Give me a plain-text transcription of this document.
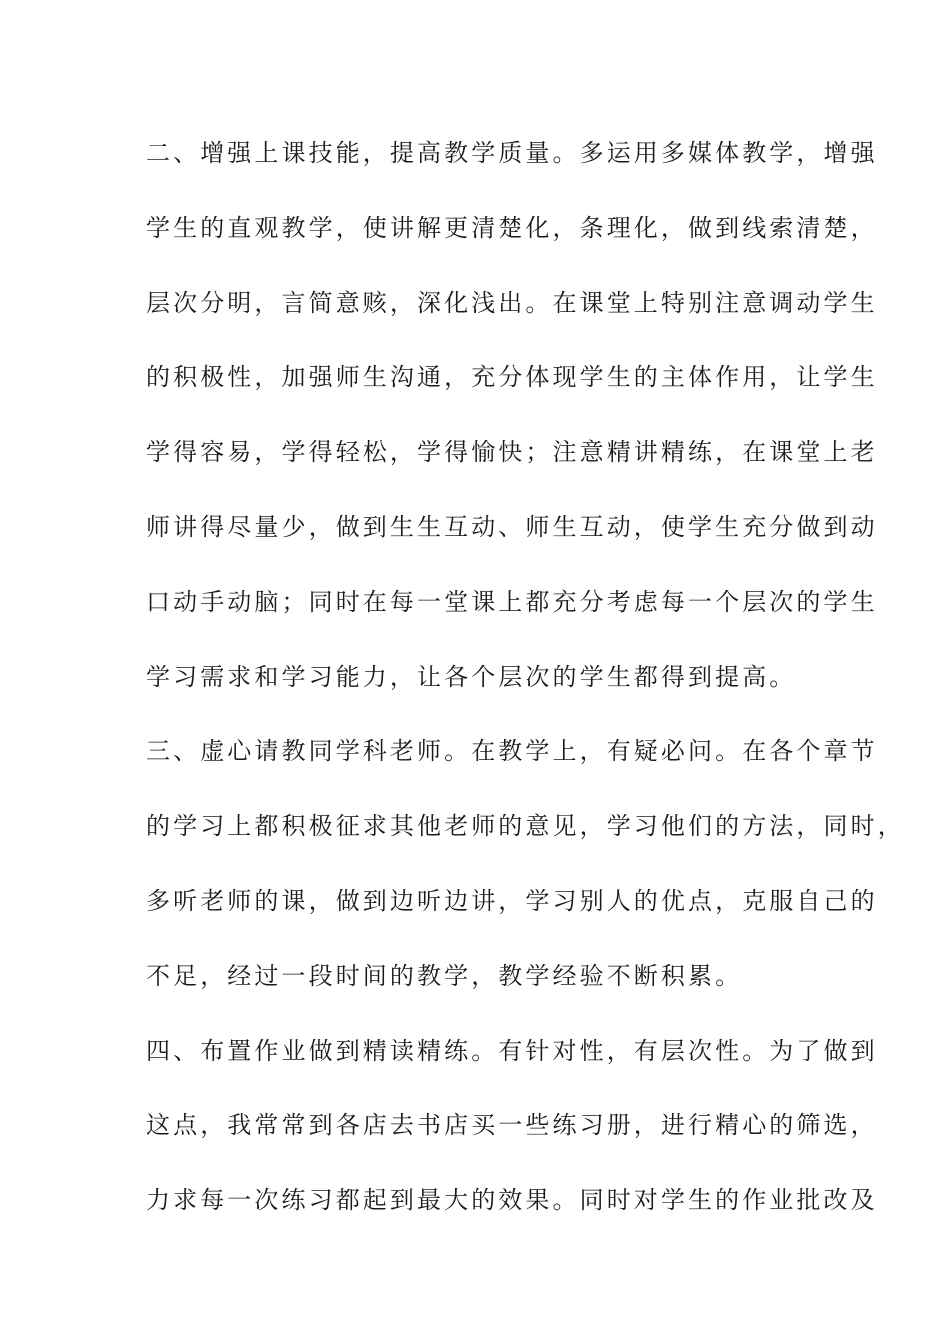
二、增强上课技能，提高教学质量。多运用多媒体教学，增强
学生的直观教学，使讲解更清楚化，条理化，做到线索清楚，
层次分明，言简意赅，深化浅出。在课堂上特别注意调动学生
的积极性，加强师生沟通，充分体现学生的主体作用，让学生
学得容易，学得轻松，学得愉快；注意精讲精练，在课堂上老
师讲得尽量少，做到生生互动、师生互动，使学生充分做到动
口动手动脑；同时在每一堂课上都充分考虑每一个层次的学生
学习需求和学习能力，让各个层次的学生都得到提高。
三、虚心请教同学科老师。在教学上，有疑必问。在各个章节
的学习上都积极征求其他老师的意见，学习他们的方法，同时，
多听老师的课，做到边听边讲，学习别人的优点，克服自己的
不足，经过一段时间的教学，教学经验不断积累。
四、布置作业做到精读精练。有针对性，有层次性。为了做到
这点，我常常到各店去书店买一些练习册，进行精心的筛选，
力求每一次练习都起到最大的效果。同时对学生的作业批改及
